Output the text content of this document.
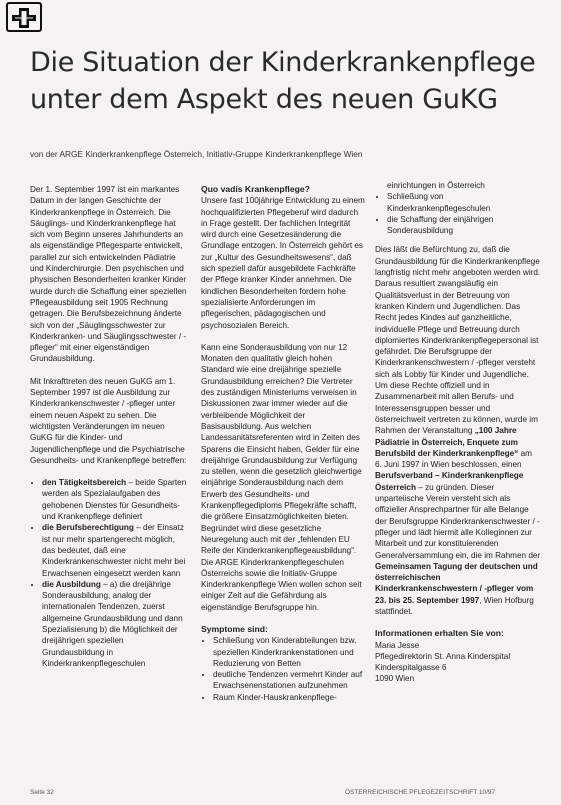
Die Situation der Kinderkrankenpflege unter dem Aspekt des neuen GuKG
von der ARGE Kinderkrankenpflege Österreich, Initiativ-Gruppe Kinderkrankenpflege Wien

Der 1. September 1997 ist ein markantes Datum in der langen Geschichte der Kinderkrankenpflege in Österreich. Die Säuglings- und Kinderkrankenpflege hat sich vom Beginn unseres Jahrhunderts an als eigenständige Pflegesparte entwickelt, parallel zur sich entwickelnden Pädiatrie und Kinderchirurgie. Den psychischen und physischen Besonderheiten kranker Kinder wurde durch die Schaffung einer speziellen Pflegeausbildung seit 1905 Rechnung getragen. Die Berufsbezeichnung änderte sich von der „Säuglingsschwester zur Kinderkranken- und Säuglingsschwester / -pfleger“ mit einer eigenständigen Grundausbildung.

Mit Inkrafttreten des neuen GuKG am 1. September 1997 ist die Ausbildung zur Kinderkrankenschwester / -pfleger unter einem neuen Aspekt zu sehen. Die wichtigsten Veränderungen im neuen GuKG für die Kinder- und Jugendlichenpflege und die Psychiatrische Gesundheits- und Krankenpflege betreffen:

• den Tätigkeitsbereich – beide Sparten werden als Spezialaufgaben des gehobenen Dienstes für Gesundheits- und Krankenpflege definiert
• die Berufsberechtigung – der Einsatz ist nur mehr spartengerecht möglich, das bedeutet, daß eine Kinderkrankenschwester nicht mehr bei Erwachsenen eingesetzt werden kann
• die Ausbildung – a) die dreijährige Sonderausbildung, analog der internationalen Tendenzen, zuerst allgemeine Grundausbildung und dann Spezialisierung b) die Möglichkeit der dreijährigen speziellen Grundausbildung in Kinderkrankenpflegeschulen
Quo vadis Krankenpflege?

Unsere fast 100jährige Entwicklung zu einem hochqualifizierten Pflegeberuf wird dadurch in Frage gestellt. Der fachlichen Integrität wird durch eine Gesetzesänderung die Grundlage entzogen. In Österreich gehört es zur „Kultur des Gesundheitswesens“, daß sich speziell dafür ausgebildete Fachkräfte der Pflege kranker Kinder annehmen. Die kindlichen Besonderheiten fordern hohe spezialisierte Anforderungen im pflegerischen, pädagogischen und psychosozialen Bereich.

Kann eine Sonderausbildung von nur 12 Monaten den qualitativ gleich hohen Standard wie eine dreijährige spezielle Grundausbildung erreichen? Die Vertreter des zuständigen Ministeriums verweisen in Diskussionen zwar immer wieder auf die verbleibende Möglichkeit der Basisausbildung. Aus welchen Landessanitätsreferenten wird in Zeiten des Sparens die Einsicht haben, Gelder für eine dreijährige Grundausbildung zur Verfügung zu stellen, wenn die gesetzlich gleichwertige einjährige Sonderausbildung nach dem Erwerb des Gesundheits- und Krankenpflegediploms Pflegekräfte schafft, die größere Einsatzmöglichkeiten bieten. Begründet wird diese gesetzliche Neuregelung auch mit der „fehlenden EU Reife der Kinderkrankenpflegeausbildung“. Die ARGE Kinderkrankenpflegeschulen Österreichs sowie die Initiativ-Gruppe Kinderkrankenpflege Wien wollen schon seit einiger Zeit auf die Gefährdung als eigenständige Berufsgruppe hin.

Symptome sind:
• Schließung von Kinderabteilungen bzw. speziellen Kinderkrankenstationen und Reduzierung von Betten
• deutliche Tendenzen vermehrt Kinder auf Erwachsenenstationen aufzunehmen
• Raum Kinder-Hauskrankenpflege-
einrichtungen in Österreich
• Schließung von Kinderkrankenpflegeschulen
• die Schaffung der einjährigen Sonderausbildung

Dies läßt die Befürchtung zu, daß die Grundausbildung für die Kinderkrankenpflege langfristig nicht mehr angeboten werden wird. Daraus resultiert zwangsläufig ein Qualitätsverlust in der Betreuung von kranken Kindern und Jugendlichen. Das Recht jedes Kindes auf ganzheitliche, individuelle Pflege und Betreuung durch diplomiertes Kinderkrankenpflegepersonal ist gefährdet. Die Berufsgruppe der Kinderkrankenschwestern / -pfleger versteht sich als Lobby für Kinder und Jugendliche. Um diese Rechte offiziell und in Zusammenarbeit mit allen Berufs- und Interessensgruppen besser und österreichweit vertreten zu können, wurde im Rahmen der Veranstaltung „100 Jahre Pädiatrie in Österreich, Enquete zum Berufsbild der Kinderkrankenpflege“ am 6. Juni 1997 in Wien beschlossen, einen Berufsverband – Kinderkrankenpflege Österreich – zu gründen. Dieser unparteiische Verein versteht sich als offizieller Ansprechpartner für alle Belange der Berufsgruppe Kinderkrankenschwester / -pfleger und lädt hiermit alle Kolleginnen zur Mitarbeit und zur konstituierenden Generalversammlung ein, die im Rahmen der Gemeinsamen Tagung der deutschen und österreichischen Kinderkrankenschwestern / -pfleger vom 23. bis 25. September 1997, Wien Hofburg stattfindet.

Informationen erhalten Sie von:
Maria Jesse
Pflegedirektorin St. Anna Kinderspital
Kinderspitalgasse 6
1090 Wien
Seite 32	ÖSTERREICHISCHE PFLEGEZEITSCHRIFT 10/97
